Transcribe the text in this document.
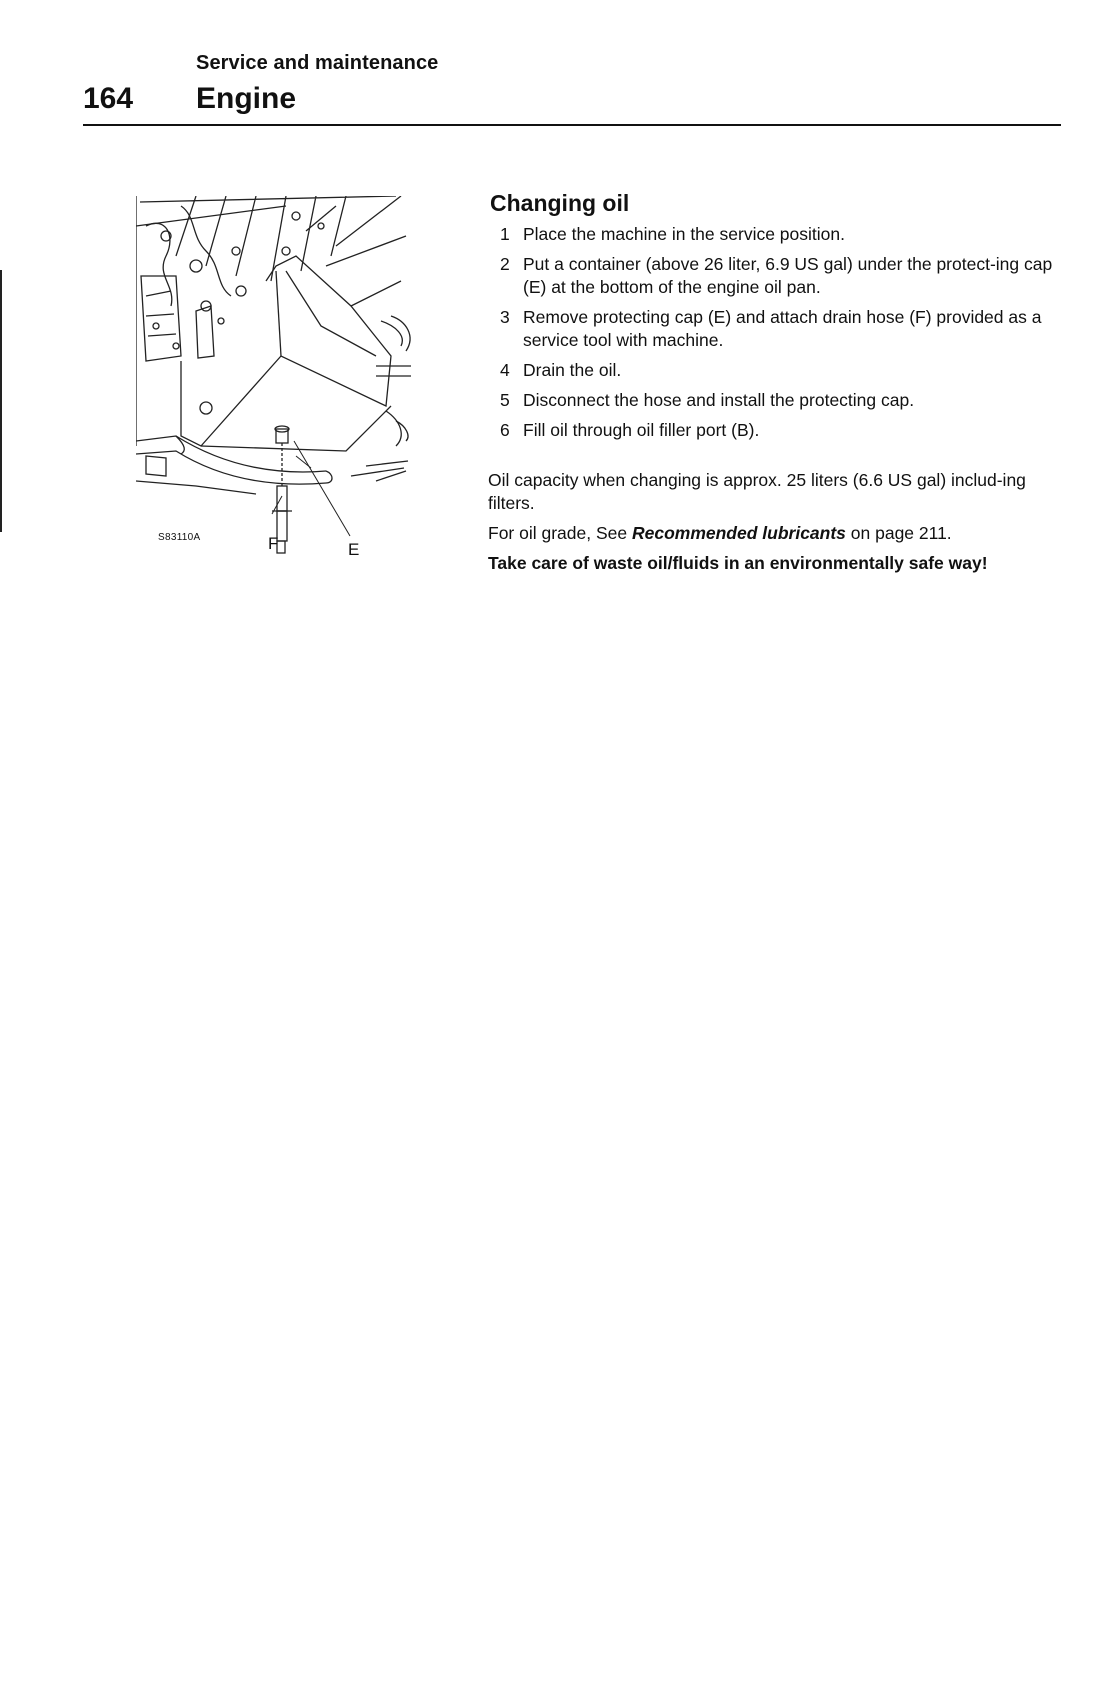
Service and maintenance
164 Engine
S83110A	F	E
Changing oil
1 Place the machine in the service position.
2 Put a container (above 26 liter, 6.9 US gal) under the protect-ing cap (E) at the bottom of the engine oil pan.
3 Remove protecting cap (E) and attach drain hose (F) provided as a service tool with machine.
4 Drain the oil.
5 Disconnect the hose and install the protecting cap.
6 Fill oil through oil filler port (B).

Oil capacity when changing is approx. 25 liters (6.6 US gal) includ-ing filters.

For oil grade, See Recommended lubricants on page 211.

Take care of waste oil/fluids in an environmentally safe way!
